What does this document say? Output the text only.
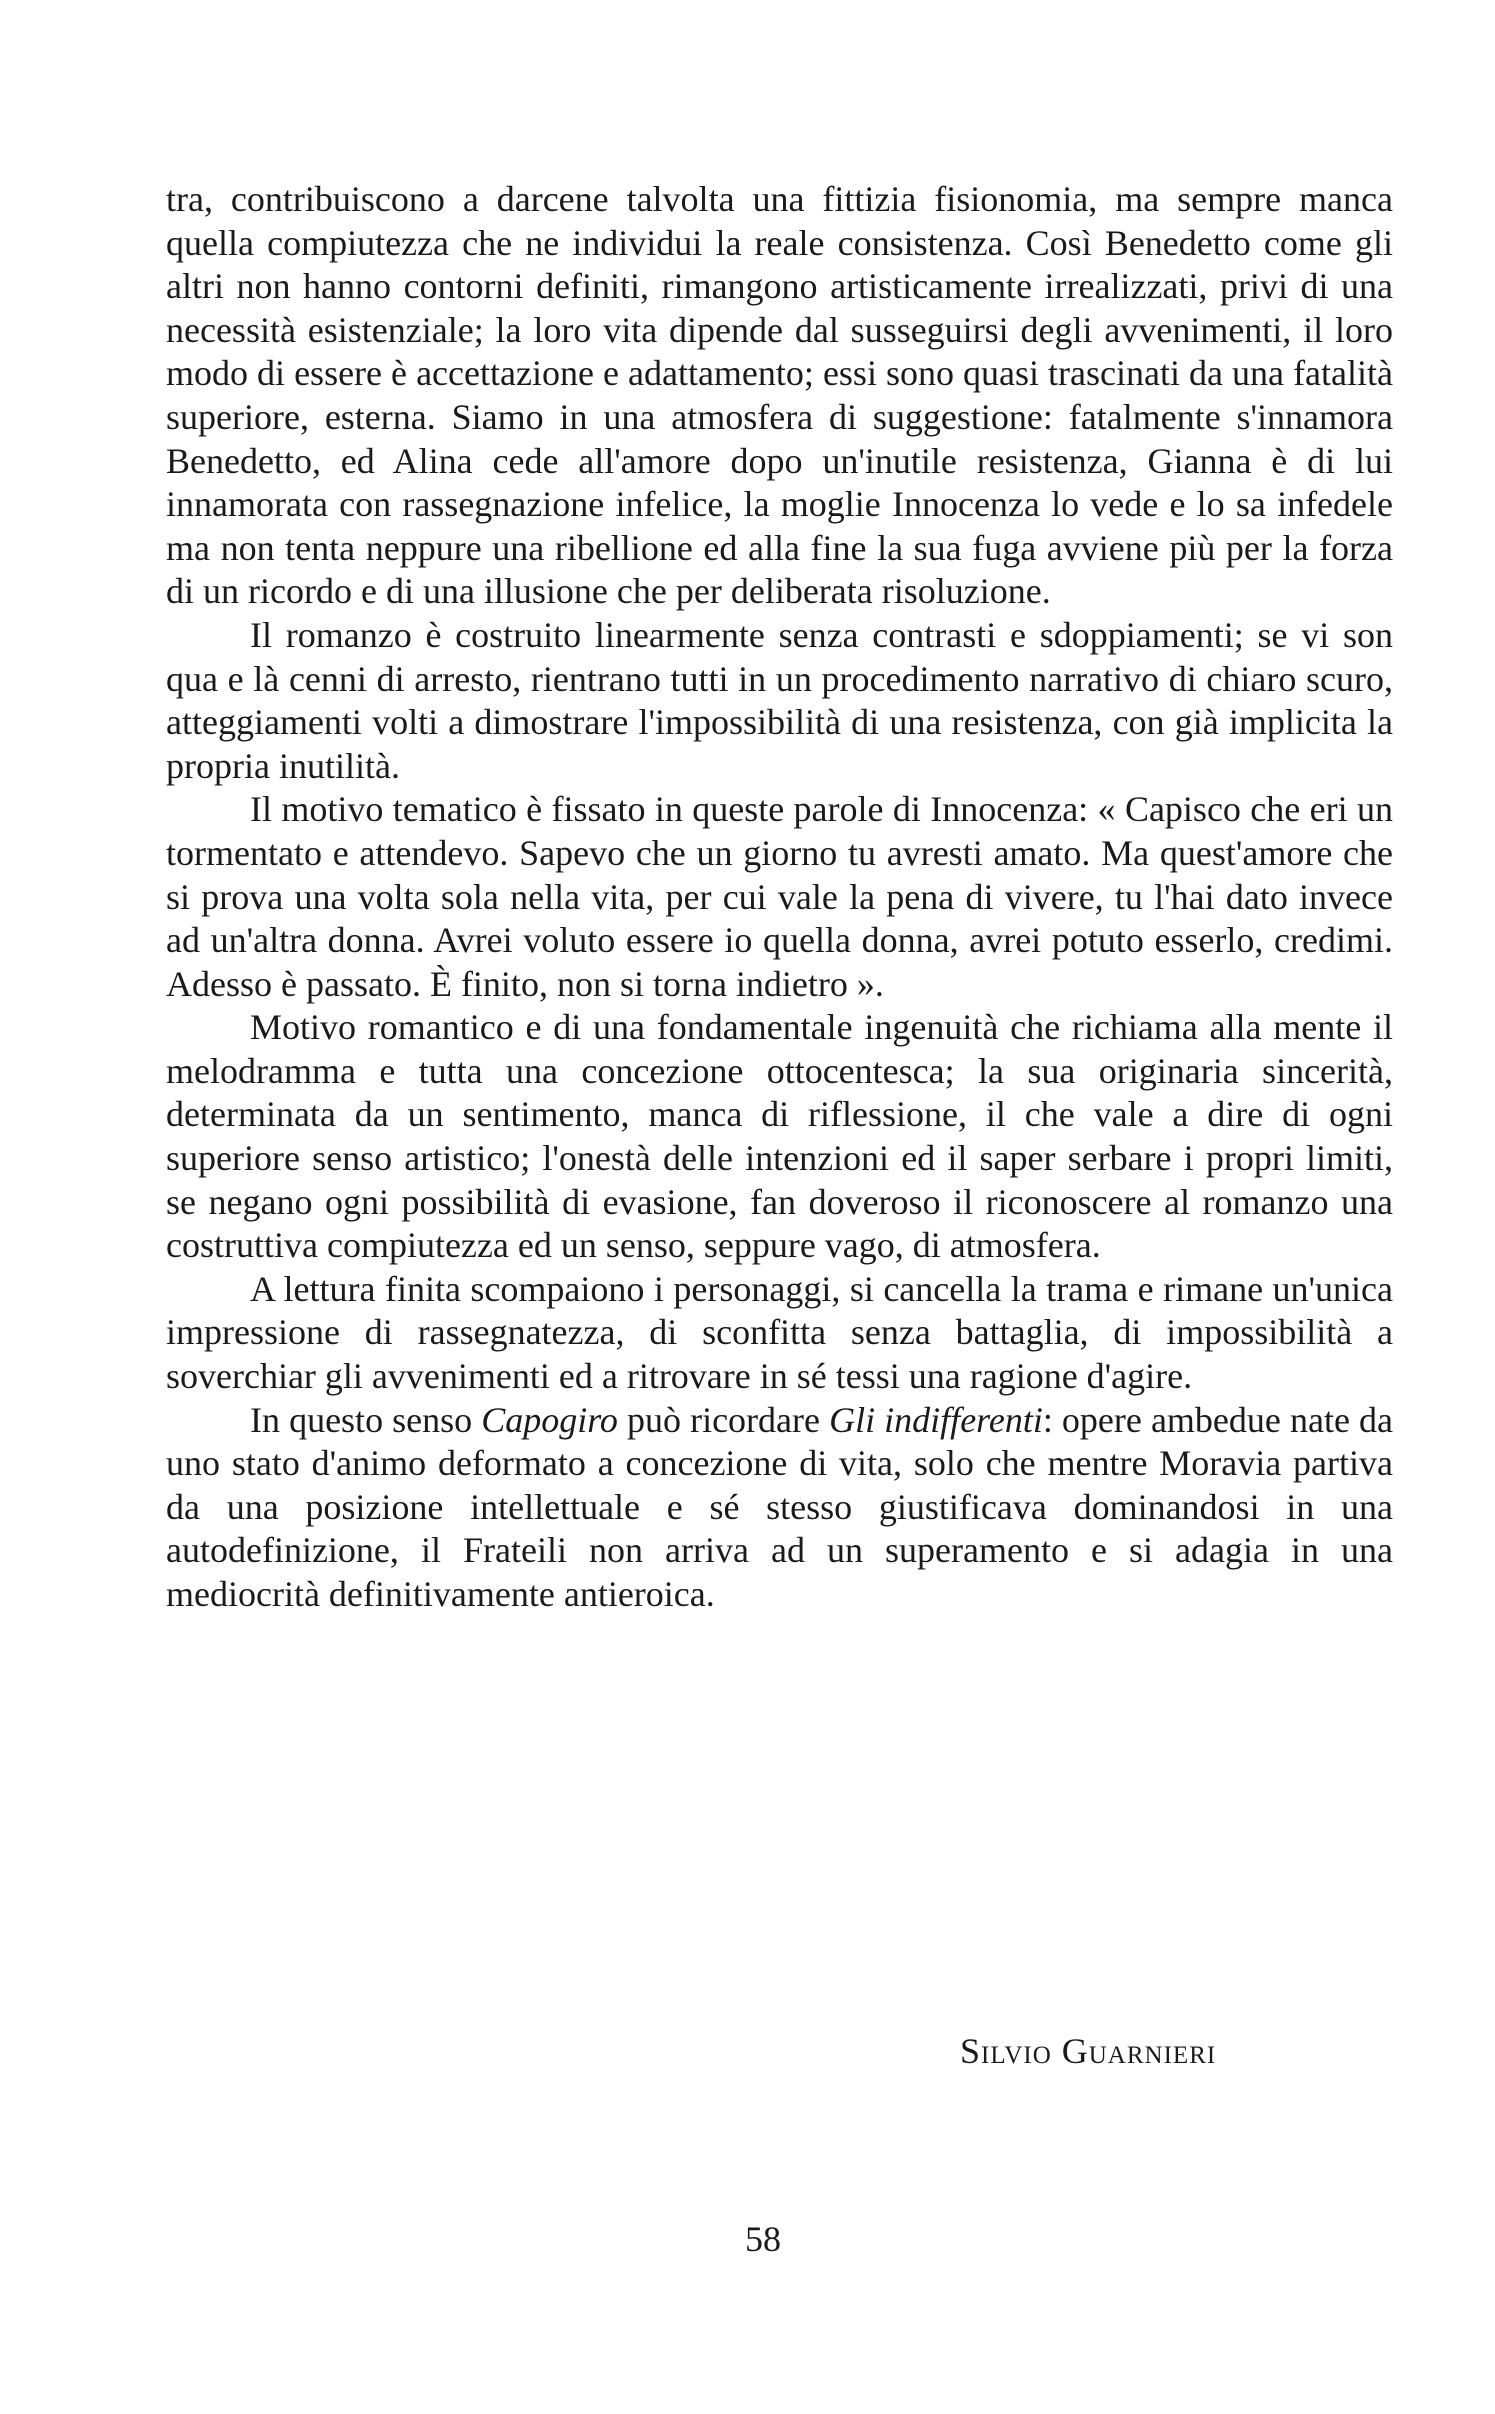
tra, contribuiscono a darcene talvolta una fittizia fisionomia, ma sempre manca quella compiutezza che ne individui la reale consistenza. Così Benedetto come gli altri non hanno contorni definiti, rimangono artisticamente irrealizzati, privi di una necessità esistenziale; la loro vita dipende dal susseguirsi degli avvenimenti, il loro modo di essere è accettazione e adattamento; essi sono quasi trascinati da una fatalità superiore, esterna. Siamo in una atmosfera di suggestione: fatalmente s'innamora Benedetto, ed Alina cede all'amore dopo un'inutile resistenza, Gianna è di lui innamorata con rassegnazione infelice, la moglie Innocenza lo vede e lo sa infedele ma non tenta neppure una ribellione ed alla fine la sua fuga avviene più per la forza di un ricordo e di una illusione che per deliberata risoluzione.

Il romanzo è costruito linearmente senza contrasti e sdoppiamenti; se vi son qua e là cenni di arresto, rientrano tutti in un procedimento narrativo di chiaro scuro, atteggiamenti volti a dimostrare l'impossibilità di una resistenza, con già implicita la propria inutilità.

Il motivo tematico è fissato in queste parole di Innocenza: « Capisco che eri un tormentato e attendevo. Sapevo che un giorno tu avresti amato. Ma quest'amore che si prova una volta sola nella vita, per cui vale la pena di vivere, tu l'hai dato invece ad un'altra donna. Avrei voluto essere io quella donna, avrei potuto esserlo, credimi. Adesso è passato. È finito, non si torna indietro ».

Motivo romantico e di una fondamentale ingenuità che richiama alla mente il melodramma e tutta una concezione ottocentesca; la sua originaria sincerità, determinata da un sentimento, manca di riflessione, il che vale a dire di ogni superiore senso artistico; l'onestà delle intenzioni ed il saper serbare i propri limiti, se negano ogni possibilità di evasione, fan doveroso il riconoscere al romanzo una costruttiva compiutezza ed un senso, seppure vago, di atmosfera.

A lettura finita scompaiono i personaggi, si cancella la trama e rimane un'unica impressione di rassegnatezza, di sconfitta senza battaglia, di impossibilità a soverchiar gli avvenimenti ed a ritrovare in sé tessi una ragione d'agire.

In questo senso Capogiro può ricordare Gli indifferenti: opere ambedue nate da uno stato d'animo deformato a concezione di vita, solo che mentre Moravia partiva da una posizione intellettuale e sé stesso giustificava dominandosi in una autodefinizione, il Frateili non arriva ad un superamento e si adagia in una mediocrità definitivamente antieroica.

Silvio Guarnieri
58
